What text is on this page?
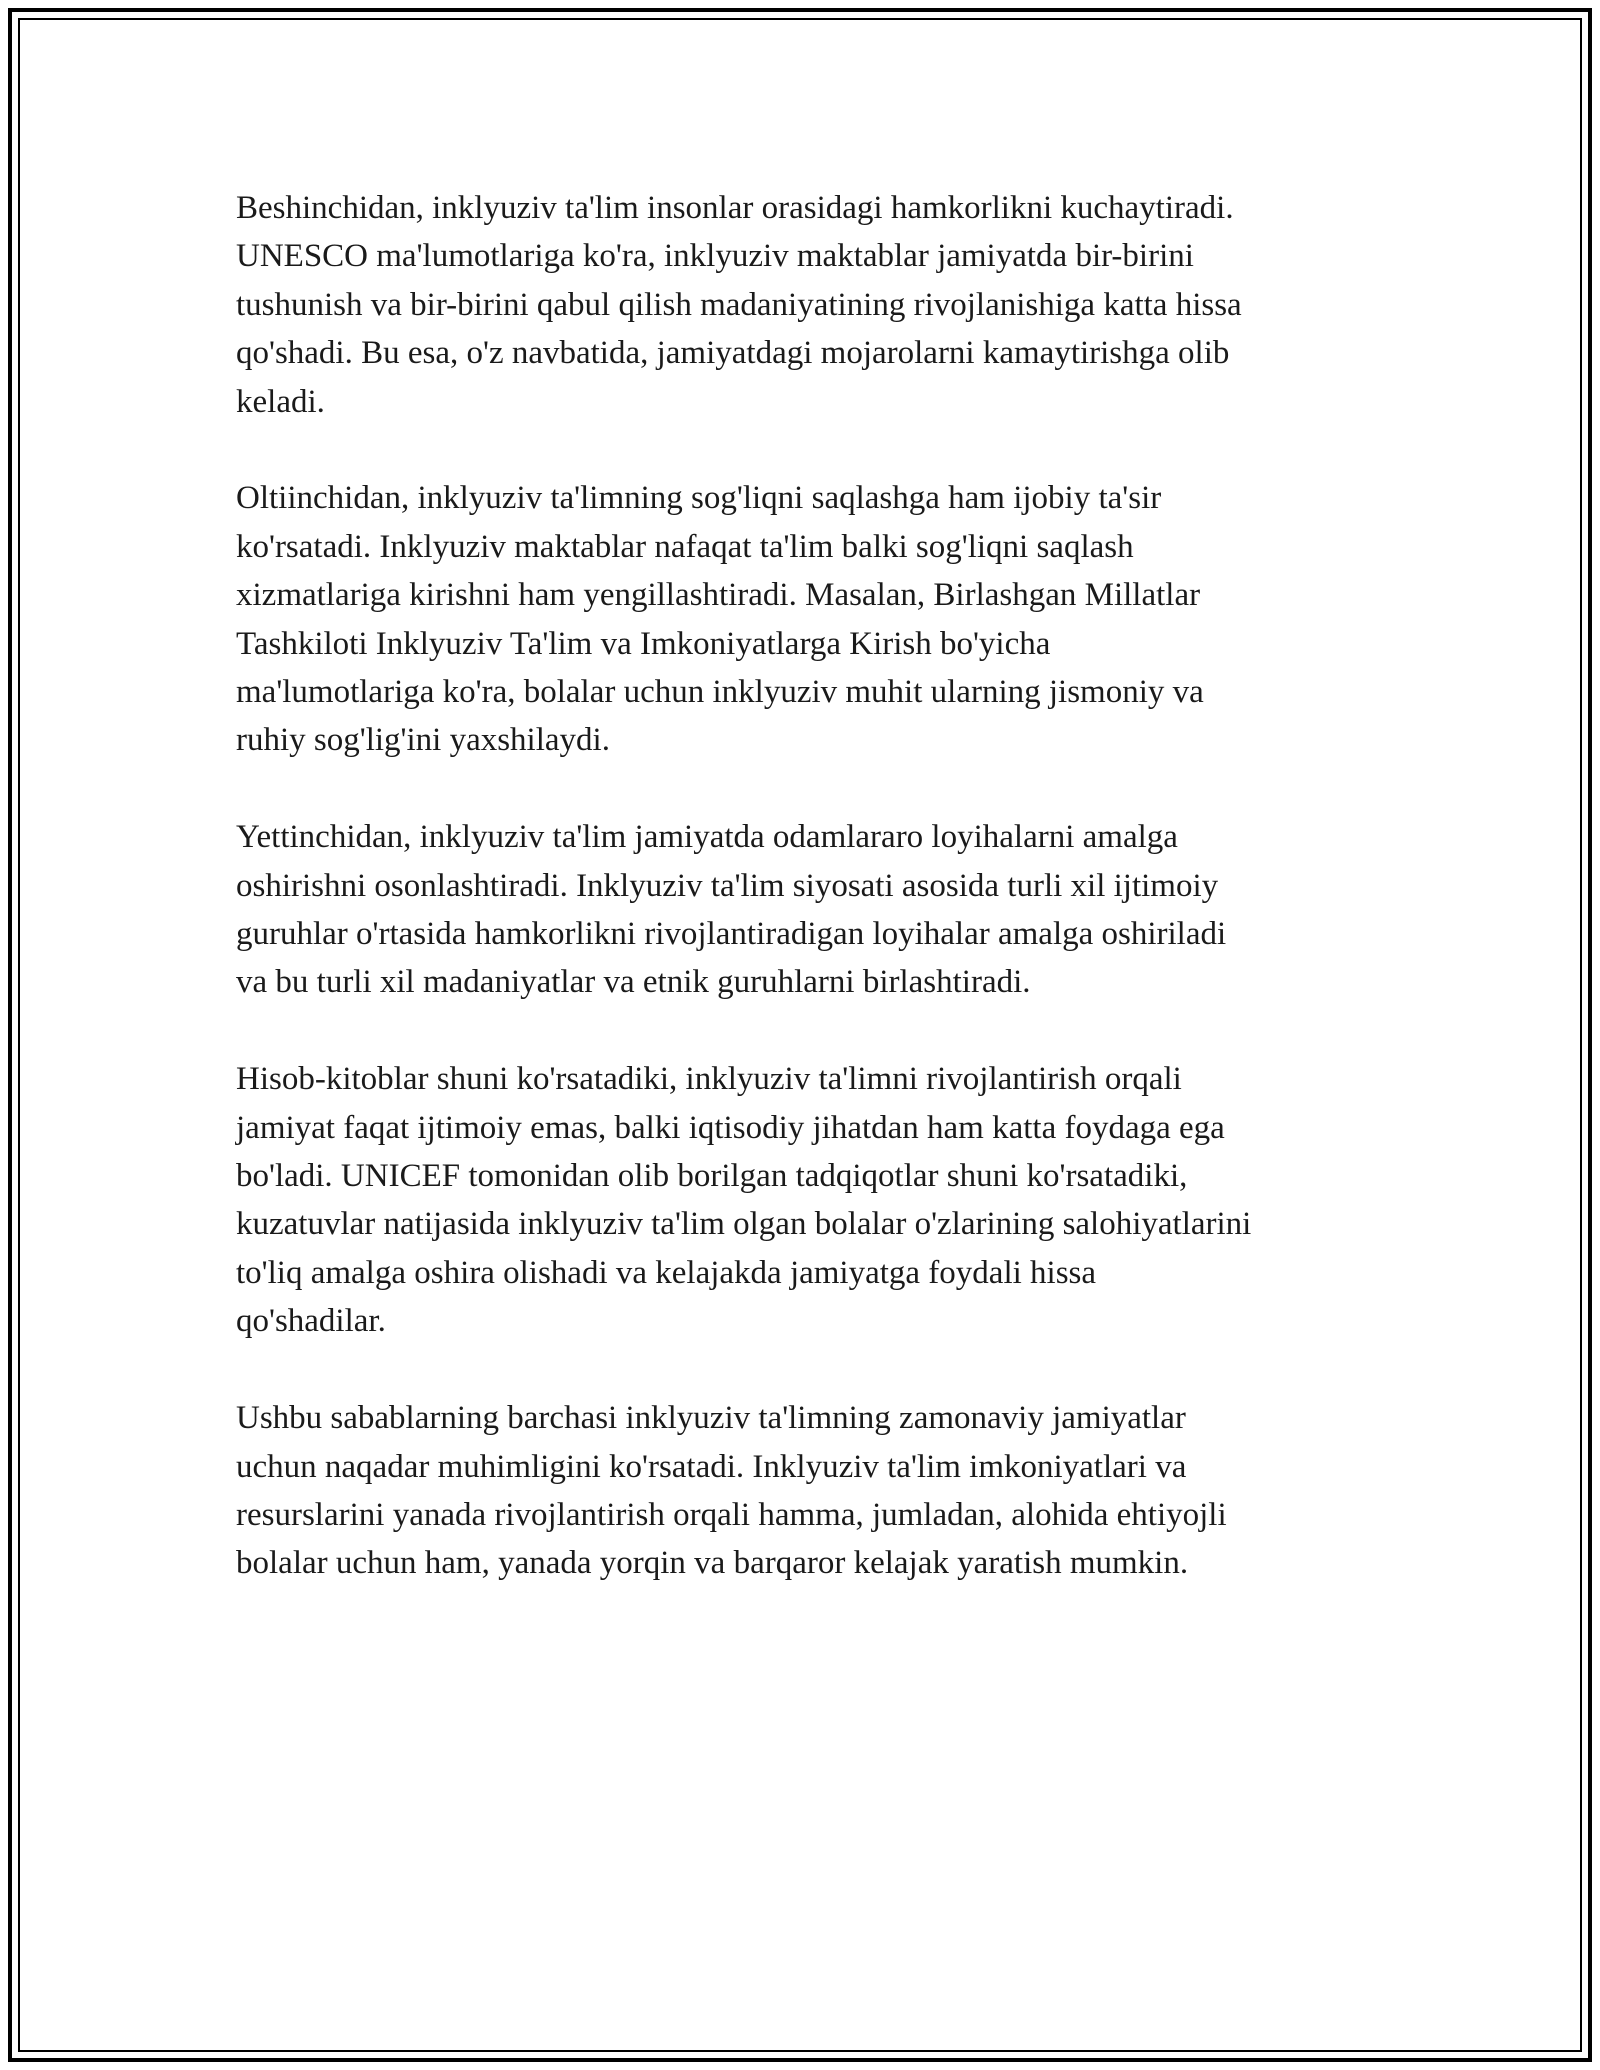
Beshinchidan, inklyuziv ta'lim insonlar orasidagi hamkorlikni kuchaytiradi.
UNESCO ma'lumotlariga ko'ra, inklyuziv maktablar jamiyatda bir-birini
tushunish va bir-birini qabul qilish madaniyatining rivojlanishiga katta hissa
qo'shadi. Bu esa, o'z navbatida, jamiyatdagi mojarolarni kamaytirishga olib
keladi.

Oltiinchidan, inklyuziv ta'limning sog'liqni saqlashga ham ijobiy ta'sir
ko'rsatadi. Inklyuziv maktablar nafaqat ta'lim balki sog'liqni saqlash
xizmatlariga kirishni ham yengillashtiradi. Masalan, Birlashgan Millatlar
Tashkiloti Inklyuziv Ta'lim va Imkoniyatlarga Kirish bo'yicha
ma'lumotlariga ko'ra, bolalar uchun inklyuziv muhit ularning jismoniy va
ruhiy sog'lig'ini yaxshilaydi.

Yettinchidan, inklyuziv ta'lim jamiyatda odamlararo loyihalarni amalga
oshirishni osonlashtiradi. Inklyuziv ta'lim siyosati asosida turli xil ijtimoiy
guruhlar o'rtasida hamkorlikni rivojlantiradigan loyihalar amalga oshiriladi
va bu turli xil madaniyatlar va etnik guruhlarni birlashtiradi.

Hisob-kitoblar shuni ko'rsatadiki, inklyuziv ta'limni rivojlantirish orqali
jamiyat faqat ijtimoiy emas, balki iqtisodiy jihatdan ham katta foydaga ega
bo'ladi. UNICEF tomonidan olib borilgan tadqiqotlar shuni ko'rsatadiki,
kuzatuvlar natijasida inklyuziv ta'lim olgan bolalar o'zlarining salohiyatlarini
to'liq amalga oshira olishadi va kelajakda jamiyatga foydali hissa
qo'shadilar.

Ushbu sabablarning barchasi inklyuziv ta'limning zamonaviy jamiyatlar
uchun naqadar muhimligini ko'rsatadi. Inklyuziv ta'lim imkoniyatlari va
resurslarini yanada rivojlantirish orqali hamma, jumladan, alohida ehtiyojli
bolalar uchun ham, yanada yorqin va barqaror kelajak yaratish mumkin.
